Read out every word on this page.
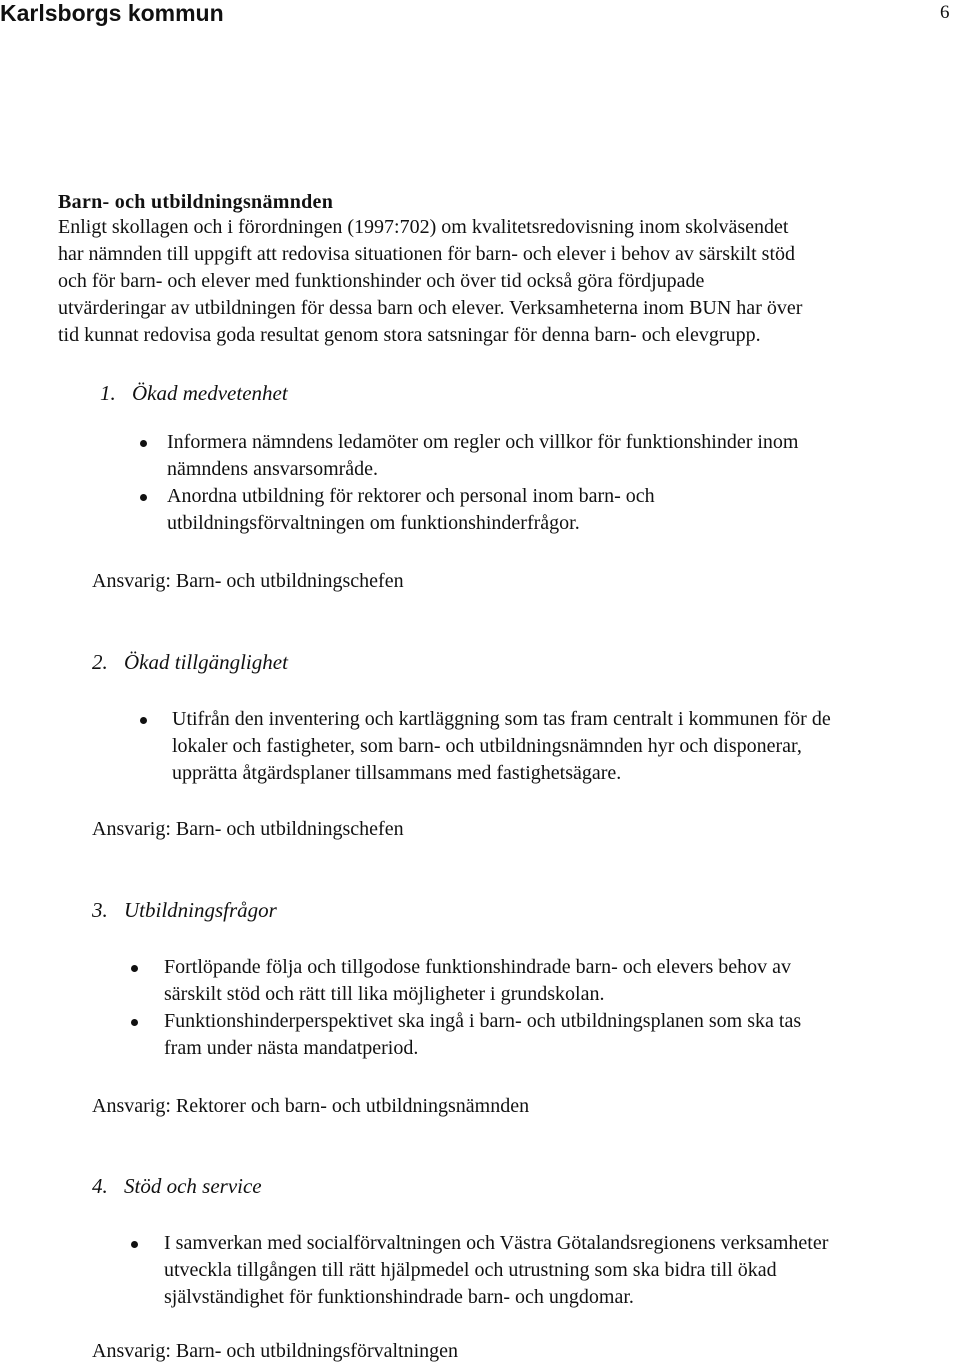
Karlsborgs kommun	6
Barn- och utbildningsnämnden
Enligt skollagen och i förordningen (1997:702) om kvalitetsredovisning inom skolväsendet
har nämnden till uppgift att redovisa situationen för barn- och elever i behov av särskilt stöd
och för barn- och elever med funktionshinder och över tid också göra fördjupade
utvärderingar av utbildningen för dessa barn och elever. Verksamheterna inom BUN har över
tid kunnat redovisa goda resultat genom stora satsningar för denna barn- och elevgrupp.
1. Ökad medvetenhet
Informera nämndens ledamöter om regler och villkor för funktionshinder inom
nämndens ansvarsområde.
Anordna utbildning för rektorer och personal inom barn- och
utbildningsförvaltningen om funktionshinderfrågor.
Ansvarig: Barn- och utbildningschefen
2. Ökad tillgänglighet
Utifrån den inventering och kartläggning som tas fram centralt i kommunen för de
lokaler och fastigheter, som barn- och utbildningsnämnden hyr och disponerar,
upprätta åtgärdsplaner tillsammans med fastighetsägare.
Ansvarig: Barn- och utbildningschefen
3. Utbildningsfrågor
Fortlöpande följa och tillgodose funktionshindrade barn- och elevers behov av
särskilt stöd och rätt till lika möjligheter i grundskolan.
Funktionshinderperspektivet ska ingå i barn- och utbildningsplanen som ska tas
fram under nästa mandatperiod.
Ansvarig: Rektorer och barn- och utbildningsnämnden
4. Stöd och service
I samverkan med socialförvaltningen och Västra Götalandsregionens verksamheter
utveckla tillgången till rätt hjälpmedel och utrustning som ska bidra till ökad
självständighet för funktionshindrade barn- och ungdomar.
Ansvarig: Barn- och utbildningsförvaltningen
